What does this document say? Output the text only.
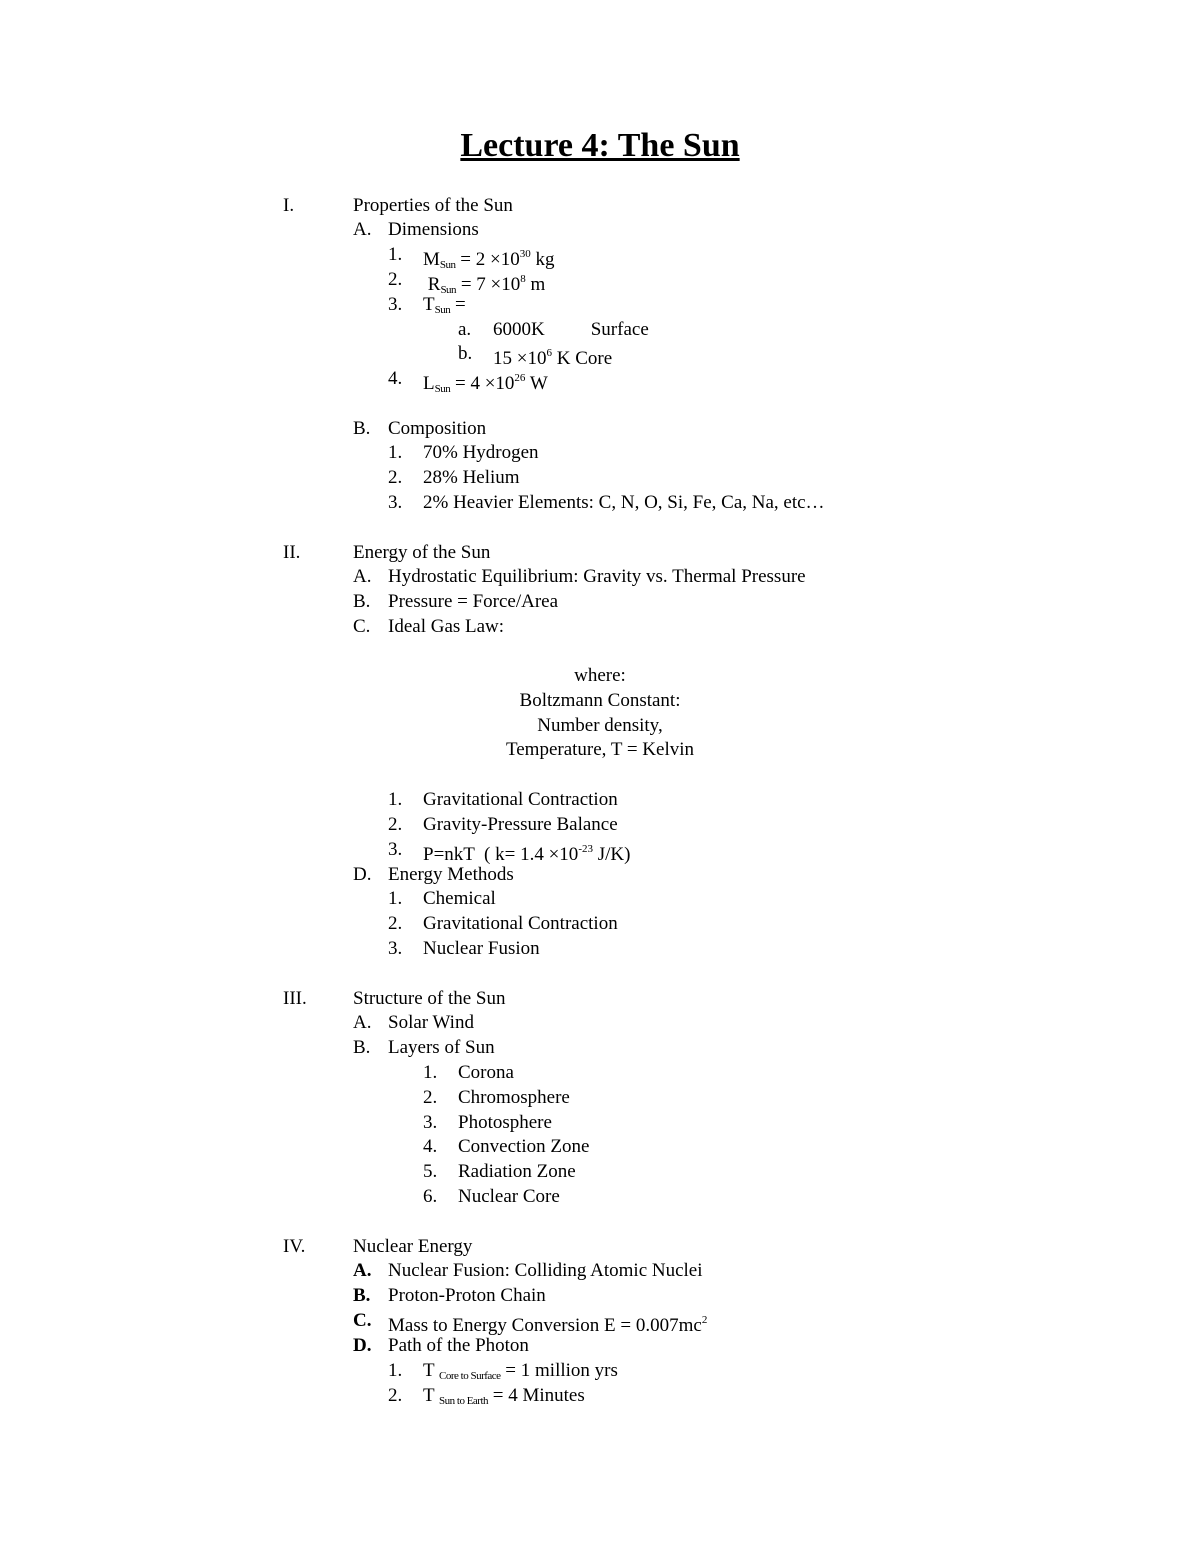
Lecture 4: The Sun
I.	Properties of the Sun
A. Dimensions
1. $M_{Sun} = 2 \times 10^{30}$ kg
2. $R_{Sun} = 7 \times 10^8$ m
3. $T_{Sun}$ =
a. 6000K Surface
b. $15 \times 10^6$ K Core
4. $L_{Sun} = 4 \times 10^{26}$ W
B. Composition
1. 70% Hydrogen
2. 28% Helium
3. 2% Heavier Elements: C, N, O, Si, Fe, Ca, Na, etc…
II.	Energy of the Sun
A. Hydrostatic Equilibrium: Gravity vs. Thermal Pressure
B. Pressure = Force/Area
C. Ideal Gas Law:
where:
Boltzmann Constant:
Number density,
Temperature, T = Kelvin
1. Gravitational Contraction
2. Gravity-Pressure Balance
3. P=nkT  ( $k= 1.4 \times 10^{-23}$ J/K)
D. Energy Methods
1. Chemical
2. Gravitational Contraction
3. Nuclear Fusion
III. Structure of the Sun
A. Solar Wind
B. Layers of Sun
1. Corona
2. Chromosphere
3. Photosphere
4. Convection Zone
5. Radiation Zone
6. Nuclear Core
IV.	Nuclear Energy
A. Nuclear Fusion: Colliding Atomic Nuclei
B. Proton-Proton Chain
C. Mass to Energy Conversion $E = 0.007mc^2$
D. Path of the Photon
1. T $_{Core to Surface}$ = 1 million yrs
2. T $_{Sun to Earth}$ = 4 Minutes
